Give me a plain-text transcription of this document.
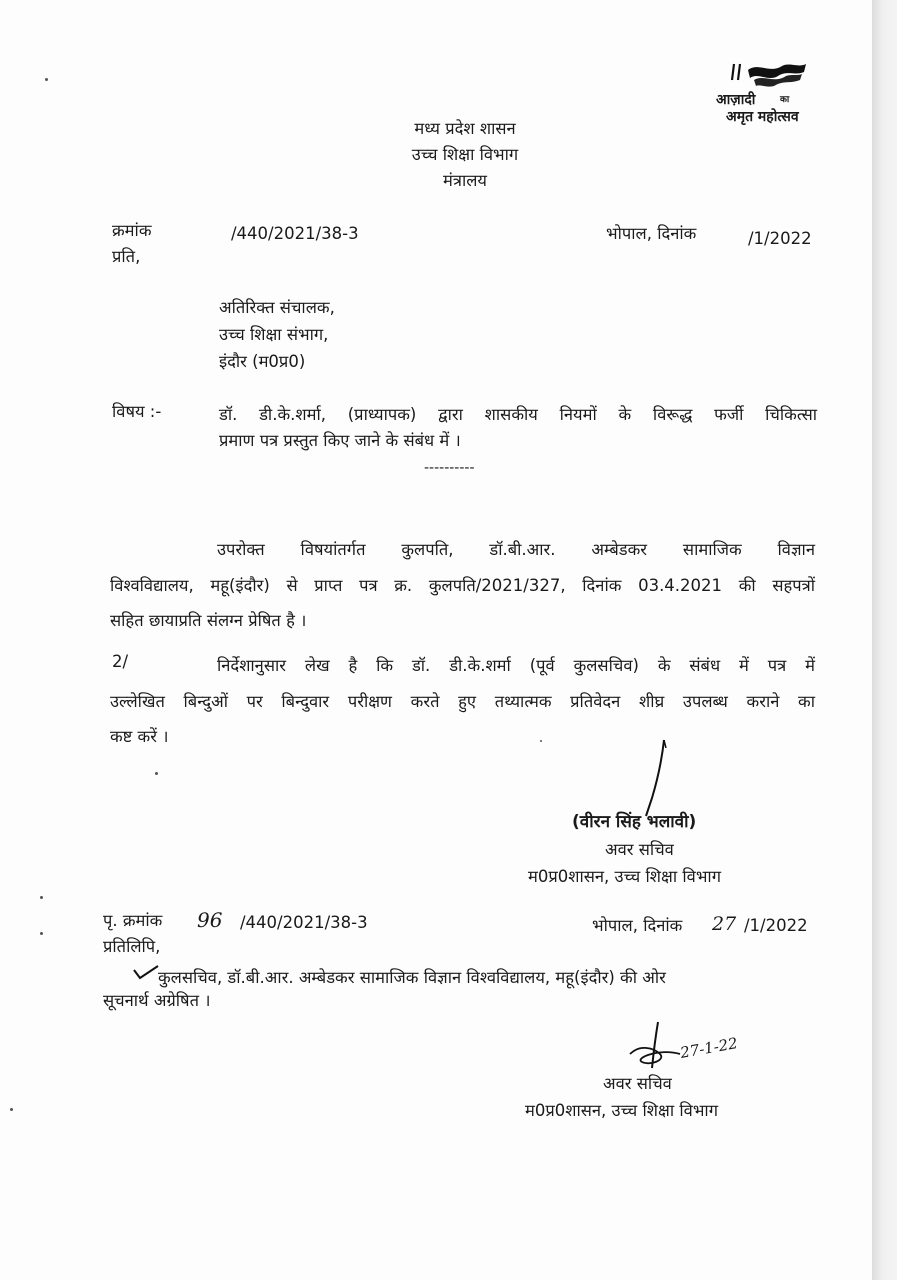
आज़ादी	का
अमृत महोत्सव
मध्य प्रदेश शासन
उच्च शिक्षा विभाग
मंत्रालय
क्रमांक
प्रति,
/440/2021/38-3	भोपाल, दिनांक	/1/2022
अतिरिक्त संचालक,
उच्च शिक्षा संभाग,
इंदौर (म0प्र0)
विषय :-	डॉ. डी.के.शर्मा, (प्राध्यापक) द्वारा शासकीय नियमों के विरूद्ध फर्जी चिकित्सा
प्रमाण पत्र प्रस्तुत किए जाने के संबंध में ।
----------
उपरोक्त विषयांतर्गत कुलपति, डॉ.बी.आर. अम्बेडकर सामाजिक विज्ञान
विश्वविद्यालय, महू(इंदौर) से प्राप्त पत्र क्र. कुलपति/2021/327, दिनांक 03.4.2021 की सहपत्रों
सहित छायाप्रति संलग्न प्रेषित है ।
2/	निर्देशानुसार लेख है कि डॉ. डी.के.शर्मा (पूर्व कुलसचिव) के संबंध में पत्र में
उल्लेखित बिन्दुओं पर बिन्दुवार परीक्षण करते हुए तथ्यात्मक प्रतिवेदन शीघ्र उपलब्ध कराने का
कष्ट करें ।
(वीरन सिंह भलावी)
अवर सचिव
म0प्र0शासन, उच्च शिक्षा विभाग
पृ. क्रमांक 96 /440/2021/38-3	भोपाल, दिनांक 27 /1/2022
प्रतिलिपि,
कुलसचिव, डॉ.बी.आर. अम्बेडकर सामाजिक विज्ञान विश्वविद्यालय, महू(इंदौर) की ओर
सूचनार्थ अग्रेषित ।
27-1-22
अवर सचिव
म0प्र0शासन, उच्च शिक्षा विभाग
